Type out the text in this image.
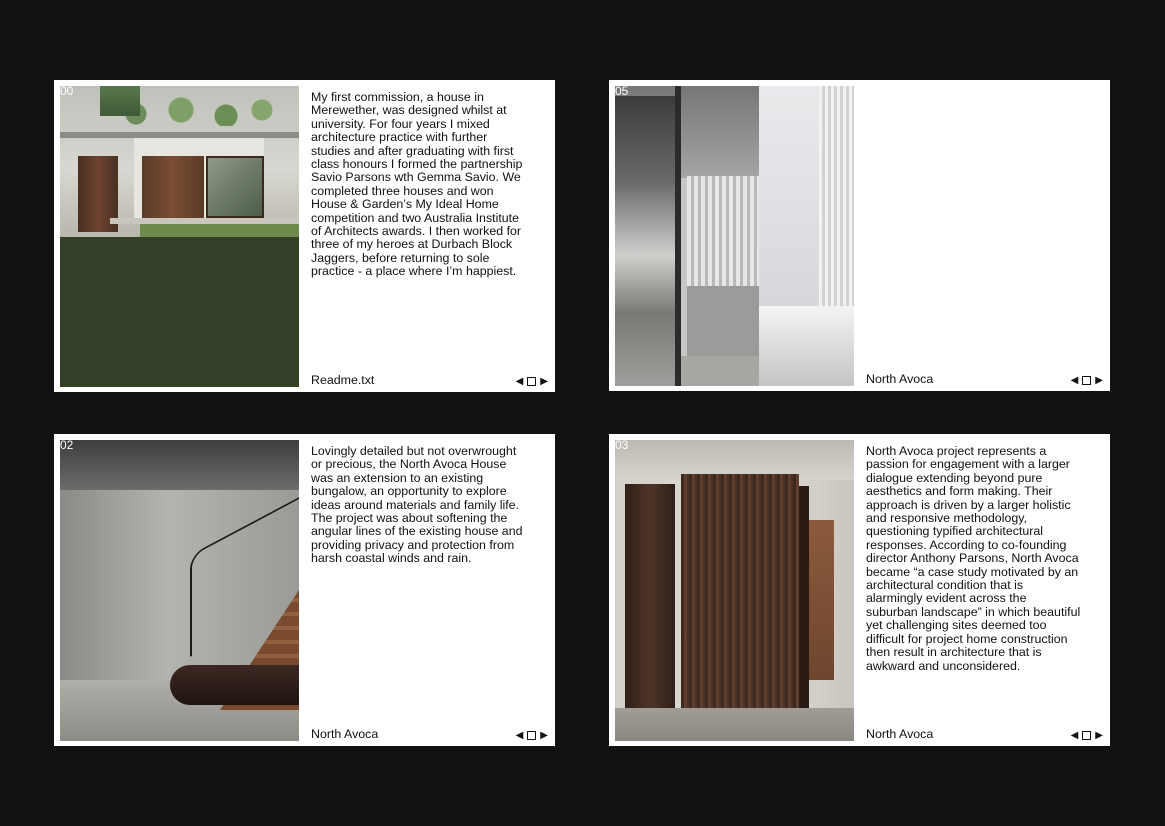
00	My first commission, a house in Merewether, was designed whilst at university. For four years I mixed architecture practice with further studies and after graduating with first class honours I formed the partnership Savio Parsons wth Gemma Savio. We completed three houses and won House & Garden’s My Ideal Home competition and two Australia Institute of Architects awards. I then worked for three of my heroes at Durbach Block Jaggers, before returning to sole practice - a place where I’m happiest.
Readme.txt	◀ ▶
05
North Avoca	◀ ▶
02	Lovingly detailed but not overwrought or precious, the North Avoca House was an extension to an existing bungalow, an opportunity to explore ideas around materials and family life. The project was about softening the angular lines of the existing house and providing privacy and protection from harsh coastal winds and rain.
North Avoca	◀ ▶
03	North Avoca project represents a passion for engagement with a larger dialogue extending beyond pure aesthetics and form making. Their approach is driven by a larger holistic and responsive methodology, questioning typified architectural responses. According to co-founding director Anthony Parsons, North Avoca became “a case study motivated by an architectural condition that is alarmingly evident across the suburban landscape” in which beautiful yet challenging sites deemed too difficult for project home construction then result in architecture that is awkward and unconsidered.
North Avoca	◀ ▶
